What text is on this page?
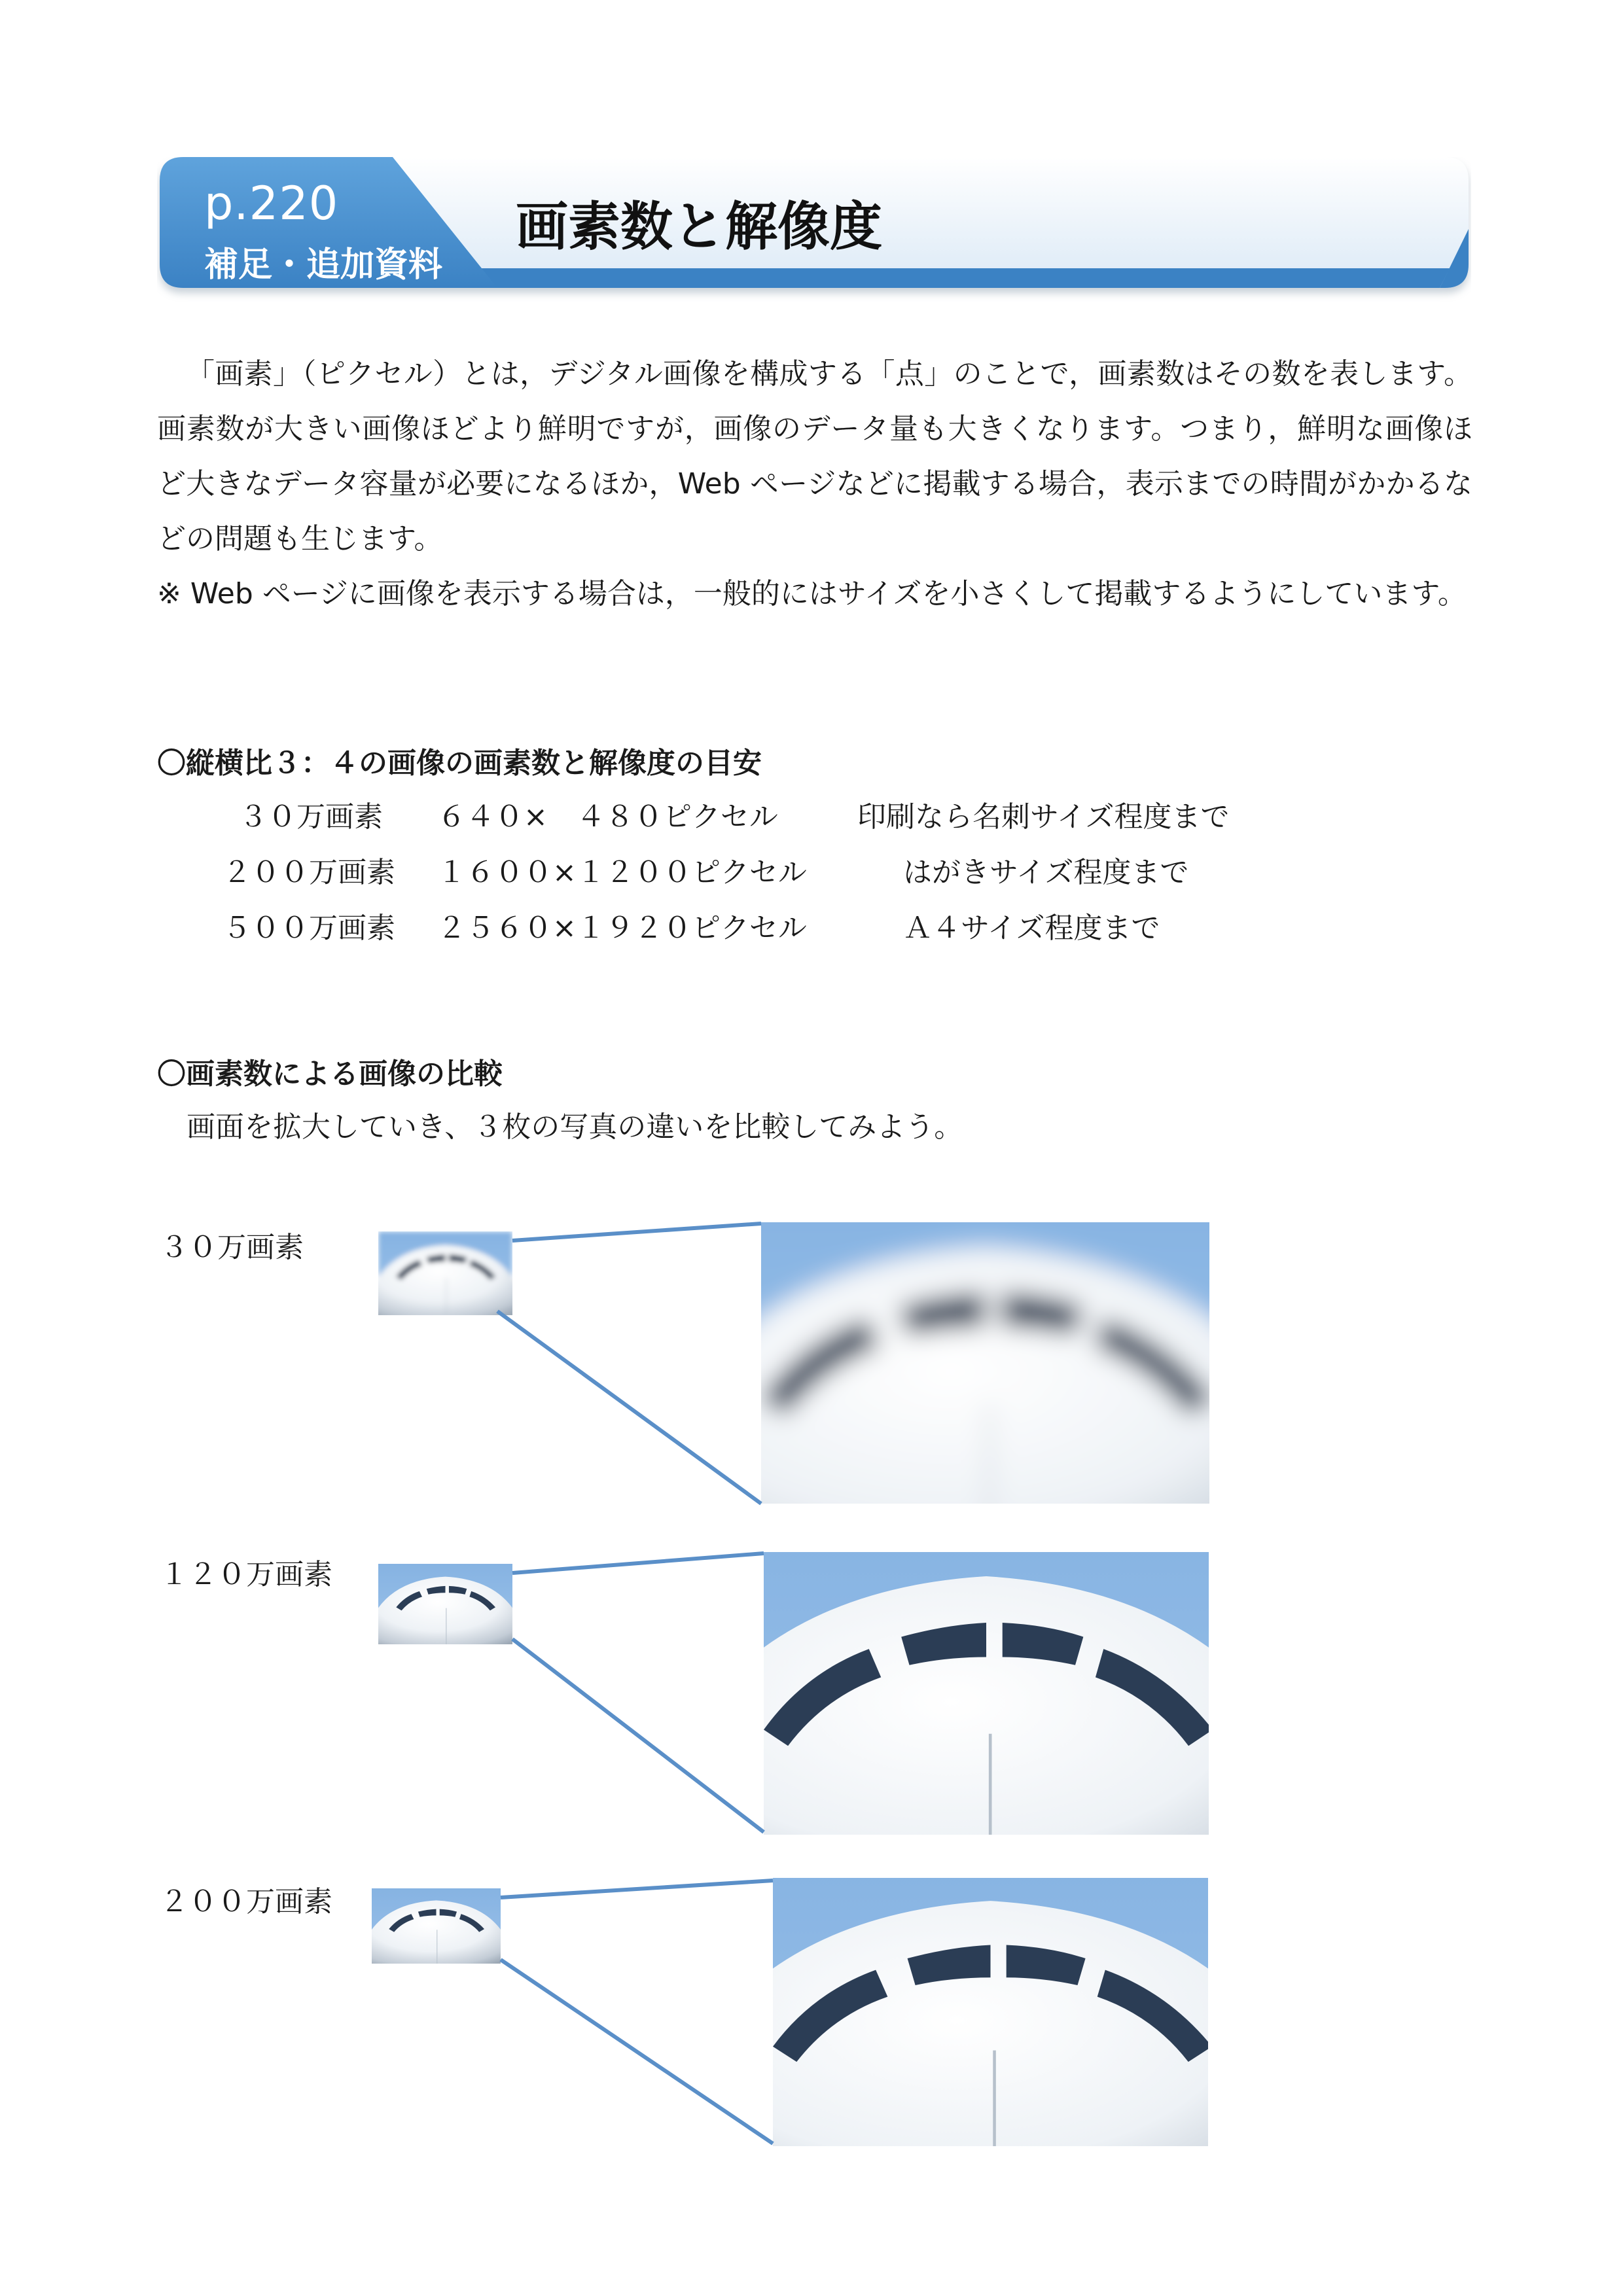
p.220
補足・追加資料
画素数と解像度

「画素」（ピクセル）とは，デジタル画像を構成する「点」のことで，画素数はその数を表します。画素数が大きい画像ほどより鮮明ですが，画像のデータ量も大きくなります。つまり，鮮明な画像ほど大きなデータ容量が必要になるほか，Web ページなどに掲載する場合，表示までの時間がかかるなどの問題も生じます。

※ Web ページに画像を表示する場合は，一般的にはサイズを小さくして掲載するようにしています。

〇縦横比３：４の画像の画素数と解像度の目安
３０万画素 ６４０×　４８０ピクセル	印刷なら名刺サイズ程度まで
２００万画素 １６００×１２００ピクセル	はがきサイズ程度まで
５００万画素 ２５６０×１９２０ピクセル	Ａ４サイズ程度まで
〇画素数による画像の比較

画面を拡大していき、３枚の写真の違いを比較してみよう。

３０万画素

１２０万画素

２００万画素
